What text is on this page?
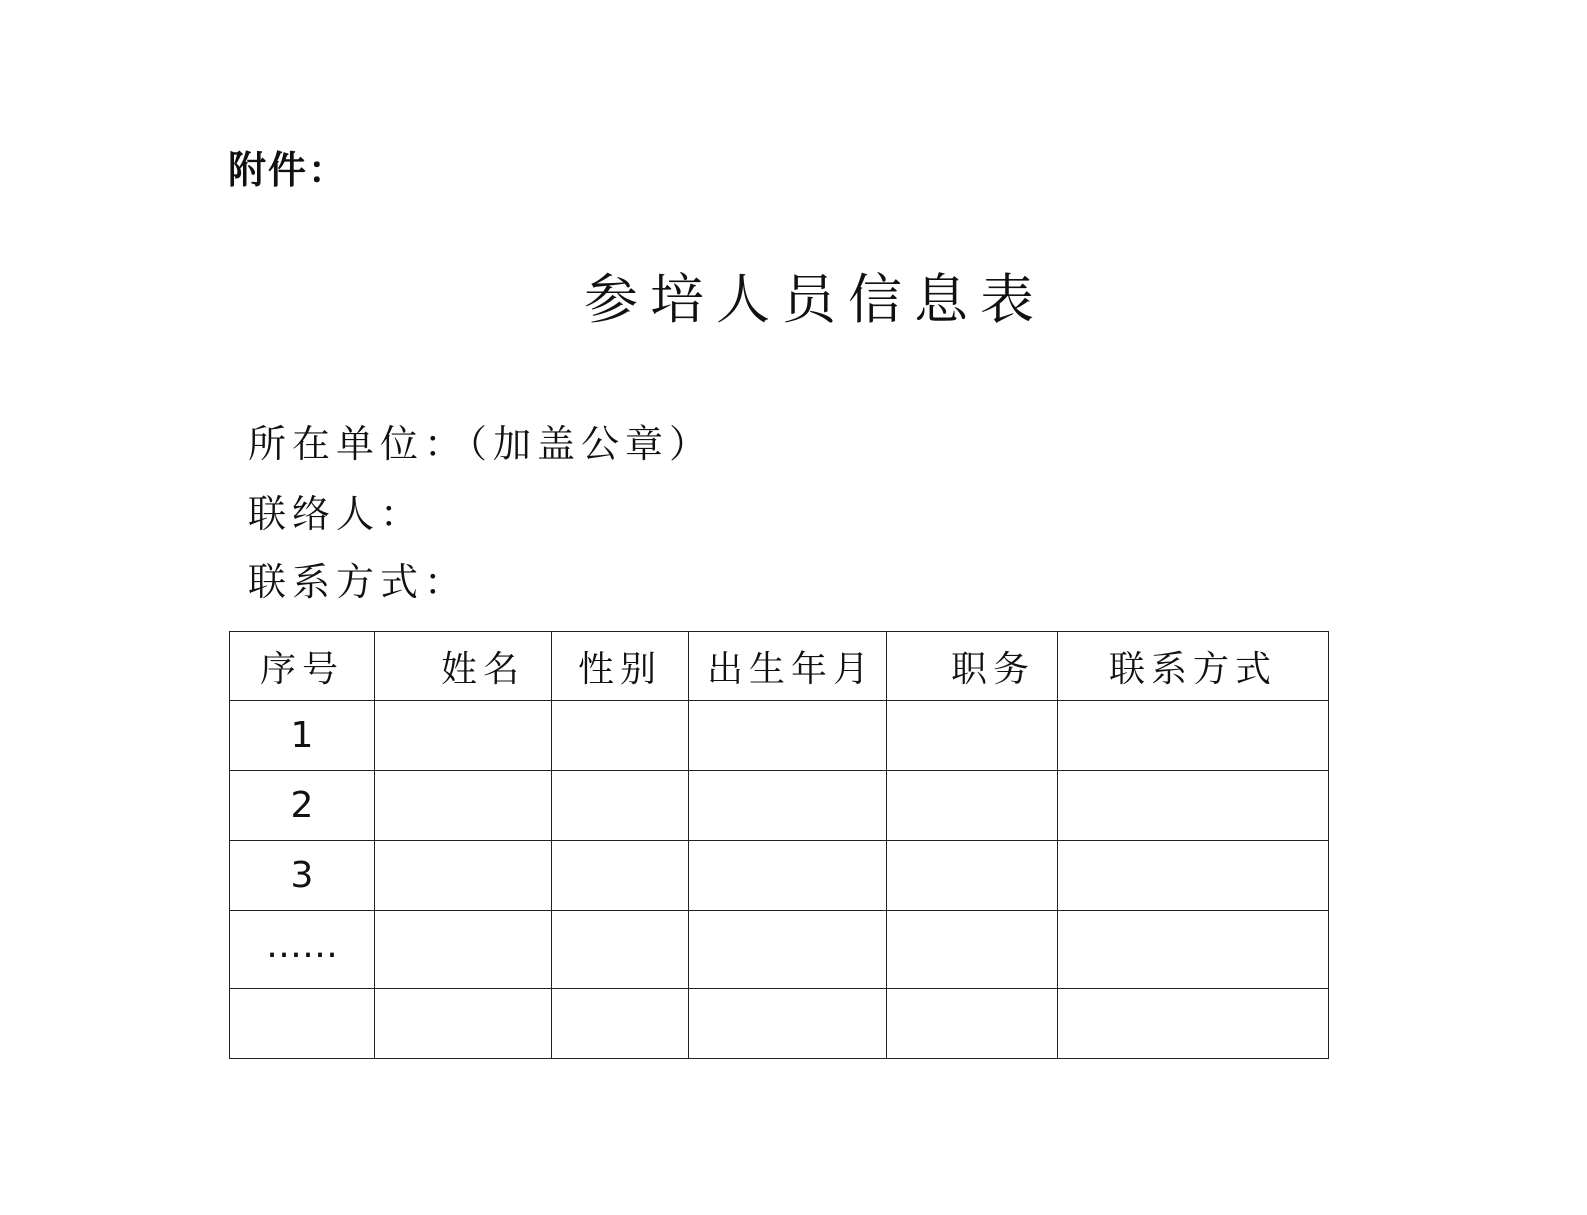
附件：
参培人员信息表
所在单位：（加盖公章）
联络人：
联系方式：
序号	姓名	性别	出生年月	职务	联系方式
1					
2					
3					
……					
